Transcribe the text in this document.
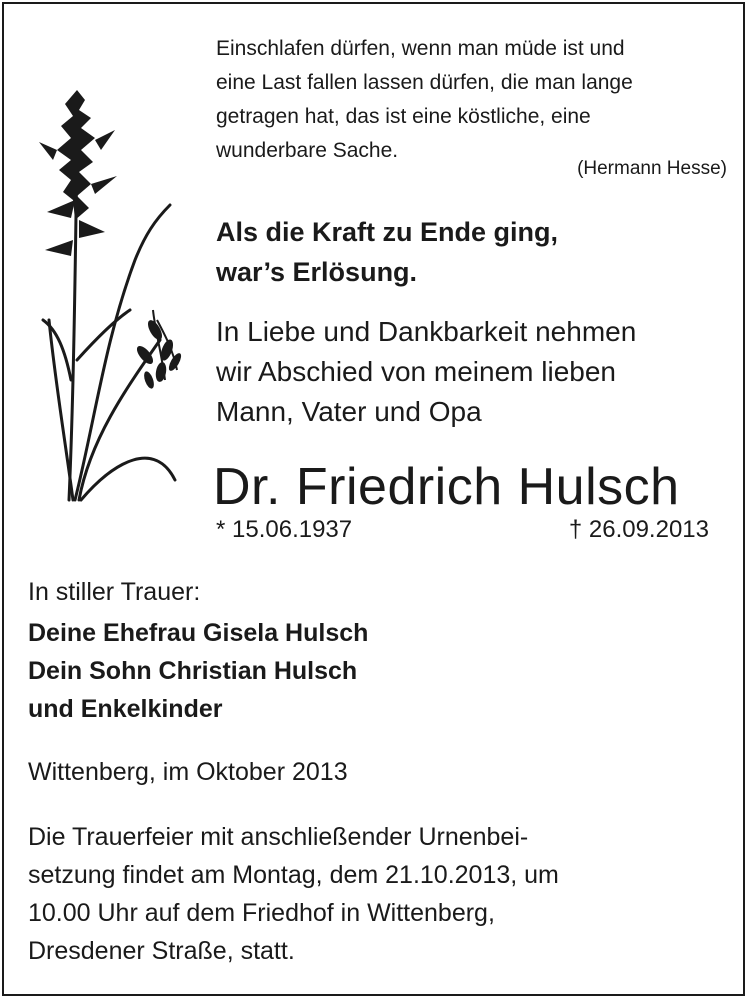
Einschlafen dürfen, wenn man müde ist und
eine Last fallen lassen dürfen, die man lange
getragen hat, das ist eine köstliche, eine
wunderbare Sache.
(Hermann Hesse)
Als die Kraft zu Ende ging,
war’s Erlösung.
In Liebe und Dankbarkeit nehmen
wir Abschied von meinem lieben
Mann, Vater und Opa
Dr. Friedrich Hulsch
* 15.06.1937	† 26.09.2013
In stiller Trauer:
Deine Ehefrau Gisela Hulsch
Dein Sohn Christian Hulsch
und Enkelkinder
Wittenberg, im Oktober 2013
Die Trauerfeier mit anschließender Urnenbei-
setzung findet am Montag, dem 21.10.2013, um
10.00 Uhr auf dem Friedhof in Wittenberg,
Dresdener Straße, statt.
